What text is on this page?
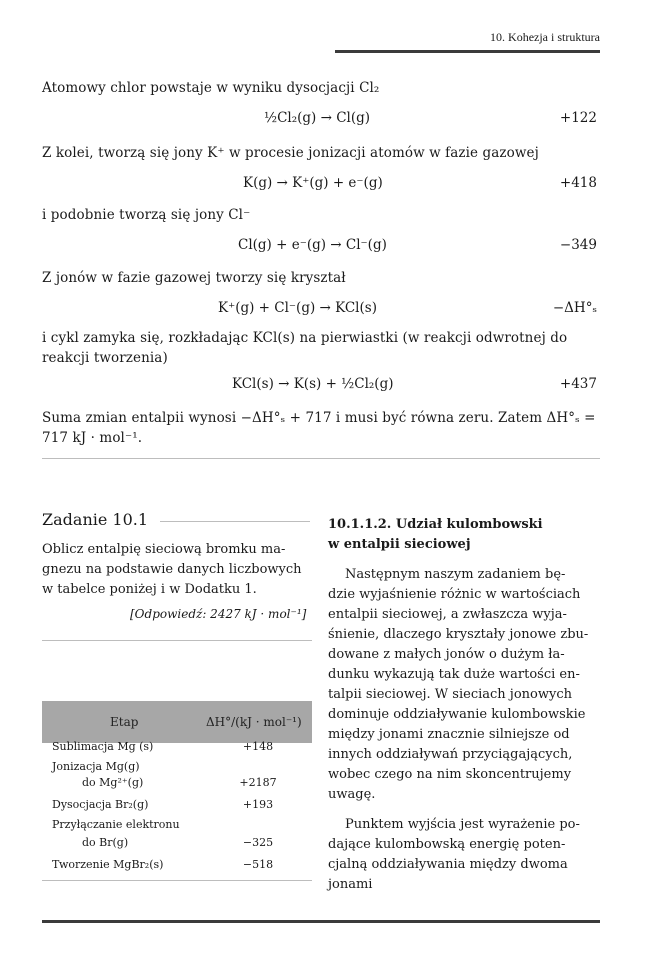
10. Kohezja i struktura
Atomowy chlor powstaje w wyniku dysocjacji Cl₂
½Cl₂(g) → Cl(g)	+122
Z kolei, tworzą się jony K⁺ w procesie jonizacji atomów w fazie gazowej
K(g) → K⁺(g) + e⁻(g)	+418
i podobnie tworzą się jony Cl⁻
Cl(g) + e⁻(g) → Cl⁻(g)	−349
Z jonów w fazie gazowej tworzy się kryształ
K⁺(g) + Cl⁻(g) → KCl(s)	−ΔH°ₛ
i cykl zamyka się, rozkładając KCl(s) na pierwiastki (w reakcji odwrotnej do
reakcji tworzenia)
KCl(s) → K(s) + ½Cl₂(g)	+437
Suma zmian entalpii wynosi −ΔH°ₛ + 717 i musi być równa zeru. Zatem ΔH°ₛ =
717 kJ · mol⁻¹.
Zadanie 10.1
Oblicz entalpię sieciową bromku ma-
gnezu na podstawie danych liczbowych
w tabelce poniżej i w Dodatku 1.
[Odpowiedź: 2427 kJ · mol⁻¹]
Etap	ΔH°/(kJ · mol⁻¹)
Sublimacja Mg (s)	+148
Jonizacja Mg(g)
do Mg²⁺(g)	+2187
Dysocjacja Br₂(g)	+193
Przyłączanie elektronu
do Br(g)	−325
Tworzenie MgBr₂(s)	−518
10.1.1.2. Udział kulombowski
w entalpii sieciowej
Następnym naszym zadaniem bę-
dzie wyjaśnienie różnic w wartościach
entalpii sieciowej, a zwłaszcza wyja-
śnienie, dlaczego kryształy jonowe zbu-
dowane z małych jonów o dużym ła-
dunku wykazują tak duże wartości en-
talpii sieciowej. W sieciach jonowych
dominuje oddziaływanie kulombowskie
między jonami znacznie silniejsze od
innych oddziaływań przyciągających,
wobec czego na nim skoncentrujemy
uwagę.
Punktem wyjścia jest wyrażenie po-
dające kulombowską energię poten-
cjalną oddziaływania między dwoma
jonami
